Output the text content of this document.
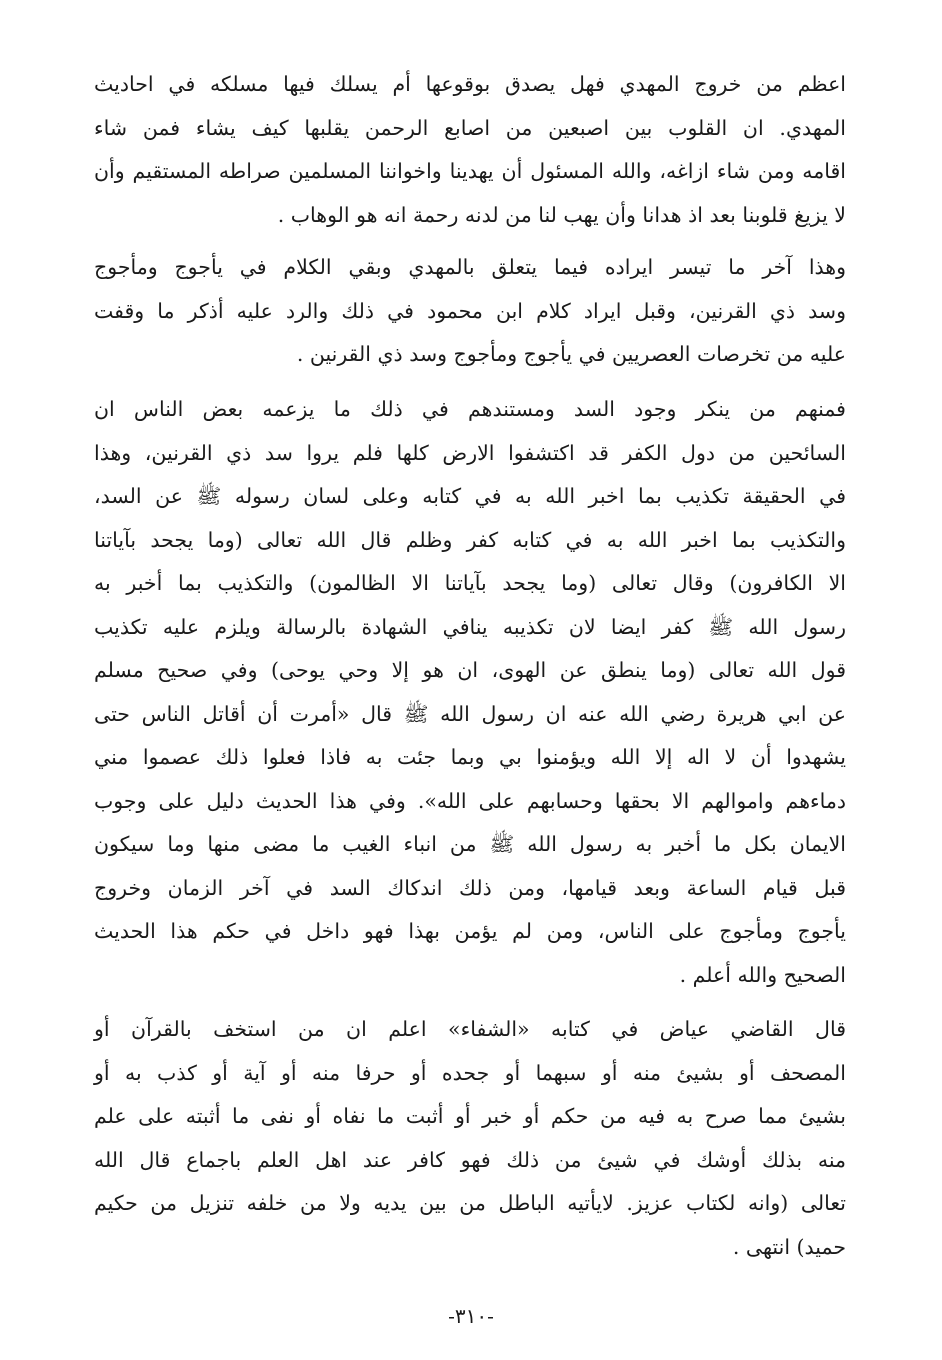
اعظم من خروج المهدي فهل يصدق بوقوعها أم يسلك فيها مسلكه في احاديث
المهدي. ان القلوب بين اصبعين من اصابع الرحمن يقلبها كيف يشاء فمن شاء
اقامه ومن شاء ازاغه، والله المسئول أن يهدينا واخواننا المسلمين صراطه المستقيم وأن
لا يزيغ قلوبنا بعد اذ هدانا وأن يهب لنا من لدنه رحمة انه هو الوهاب .
وهذا آخر ما تيسر ايراده فيما يتعلق بالمهدي وبقي الكلام في يأجوج ومأجوج
وسد ذي القرنين، وقبل ايراد كلام ابن محمود في ذلك والرد عليه أذكر ما وقفت
عليه من تخرصات العصريين في يأجوج ومأجوج وسد ذي القرنين .
فمنهم من ينكر وجود السد ومستندهم في ذلك ما يزعمه بعض الناس ان
السائحين من دول الكفر قد اكتشفوا الارض كلها فلم يروا سد ذي القرنين، وهذا
في الحقيقة تكذيب بما اخبر الله به في كتابه وعلى لسان رسوله ﷺ عن السد،
والتكذيب بما اخبر الله به في كتابه كفر وظلم قال الله تعالى (وما يجحد بآياتنا
الا الكافرون) وقال تعالى (وما يجحد بآياتنا الا الظالمون) والتكذيب بما أخبر به
رسول الله ﷺ كفر ايضا لان تكذيبه ينافي الشهادة بالرسالة ويلزم عليه تكذيب
قول الله تعالى (وما ينطق عن الهوى، ان هو إلا وحي يوحى) وفي صحيح مسلم
عن ابي هريرة رضي الله عنه ان رسول الله ﷺ قال «أمرت أن أقاتل الناس حتى
يشهدوا أن لا اله إلا الله ويؤمنوا بي وبما جئت به فاذا فعلوا ذلك عصموا مني
دماءهم واموالهم الا بحقها وحسابهم على الله». وفي هذا الحديث دليل على وجوب
الايمان بكل ما أخبر به رسول الله ﷺ من انباء الغيب ما مضى منها وما سيكون
قبل قيام الساعة وبعد قيامها، ومن ذلك اندكاك السد في آخر الزمان وخروج
يأجوج ومأجوج على الناس، ومن لم يؤمن بهذا فهو داخل في حكم هذا الحديث
الصحيح والله أعلم .
قال القاضي عياض في كتابه «الشفاء» اعلم ان من استخف بالقرآن أو
المصحف أو بشيئ منه أو سبهما أو جحده أو حرفا منه أو آية أو كذب به أو
بشيئ مما صرح به فيه من حكم أو خبر أو أثبت ما نفاه أو نفى ما أثبته على علم
منه بذلك أوشك في شيئ من ذلك فهو كافر عند اهل العلم باجماع قال الله
تعالى (وانه لكتاب عزيز. لايأتيه الباطل من بين يديه ولا من خلفه تنزيل من حكيم
حميد) انتهى .
-٣١٠-
